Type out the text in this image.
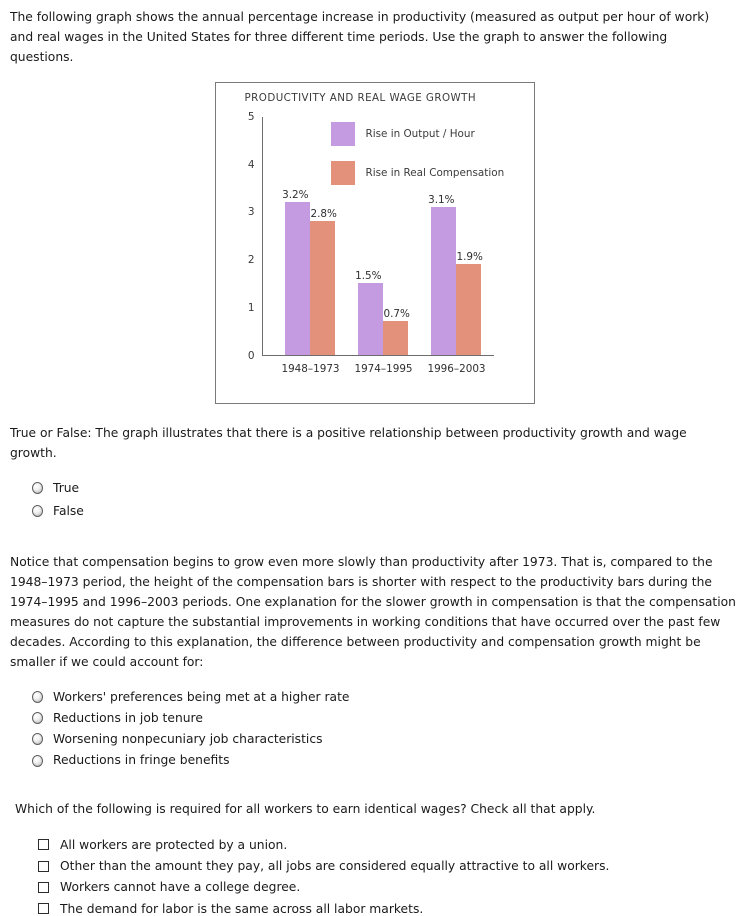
The following graph shows the annual percentage increase in productivity (measured as output per hour of work) and real wages in the United States for three different time periods. Use the graph to answer the following questions.

PRODUCTIVITY AND REAL WAGE GROWTH
0
1
2
3
4
5
3.2%
2.8%
1948–1973
1.5%
0.7%
1974–1995
3.1%
1.9%
1996–2003
Rise in Output / Hour
Rise in Real Compensation

True or False: The graph illustrates that there is a positive relationship between productivity growth and wage growth.

True
False

Notice that compensation begins to grow even more slowly than productivity after 1973. That is, compared to the 1948–1973 period, the height of the compensation bars is shorter with respect to the productivity bars during the 1974–1995 and 1996–2003 periods. One explanation for the slower growth in compensation is that the compensation measures do not capture the substantial improvements in working conditions that have occurred over the past few decades. According to this explanation, the difference between productivity and compensation growth might be smaller if we could account for:

Workers' preferences being met at a higher rate
Reductions in job tenure
Worsening nonpecuniary job characteristics
Reductions in fringe benefits

Which of the following is required for all workers to earn identical wages? Check all that apply.

All workers are protected by a union.
Other than the amount they pay, all jobs are considered equally attractive to all workers.
Workers cannot have a college degree.
The demand for labor is the same across all labor markets.
